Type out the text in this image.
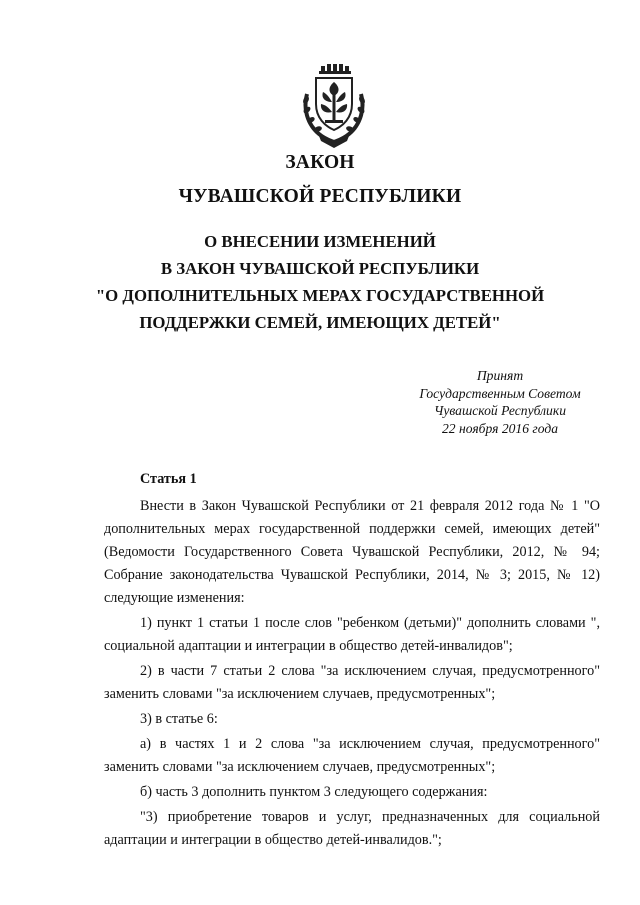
ЗАКОН
ЧУВАШСКОЙ РЕСПУБЛИКИ
О ВНЕСЕНИИ ИЗМЕНЕНИЙ
В ЗАКОН ЧУВАШСКОЙ РЕСПУБЛИКИ
"О ДОПОЛНИТЕЛЬНЫХ МЕРАХ ГОСУДАРСТВЕННОЙ
ПОДДЕРЖКИ СЕМЕЙ, ИМЕЮЩИХ ДЕТЕЙ"
Принят
Государственным Советом
Чувашской Республики
22 ноября 2016 года

Статья 1

Внести в Закон Чувашской Республики от 21 февраля 2012 года № 1 "О дополнительных мерах государственной поддержки семей, имеющих детей" (Ведомости Государственного Совета Чувашской Республики, 2012, № 94; Собрание законодательства Чувашской Республики, 2014, № 3; 2015, № 12) следующие изменения:

1) пункт 1 статьи 1 после слов "ребенком (детьми)" дополнить словами ", социальной адаптации и интеграции в общество детей-инвалидов";

2) в части 7 статьи 2 слова "за исключением случая, предусмотренного" заменить словами "за исключением случаев, предусмотренных";

3) в статье 6:

а) в частях 1 и 2 слова "за исключением случая, предусмотренного" заменить словами "за исключением случаев, предусмотренных";

б) часть 3 дополнить пунктом 3 следующего содержания:

"3) приобретение товаров и услуг, предназначенных для социальной адаптации и интеграции в общество детей-инвалидов.";
